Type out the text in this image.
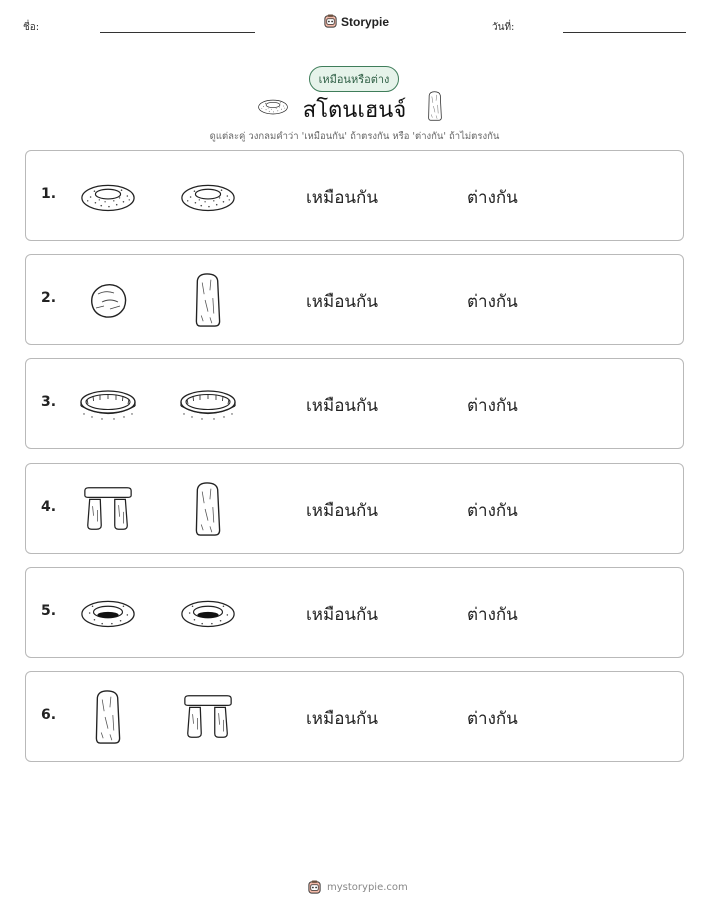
ชื่อ:	Storypie	วันที่:
เหมือนหรือต่าง
สโตนเฮนจ์
ดูแต่ละคู่ วงกลมคำว่า 'เหมือนกัน' ถ้าตรงกัน หรือ 'ต่างกัน' ถ้าไม่ตรงกัน
1.	เหมือนกัน	ต่างกัน
2.	เหมือนกัน	ต่างกัน
3.	เหมือนกัน	ต่างกัน
4.	เหมือนกัน	ต่างกัน
5.	เหมือนกัน	ต่างกัน
6.	เหมือนกัน	ต่างกัน
mystorypie.com
